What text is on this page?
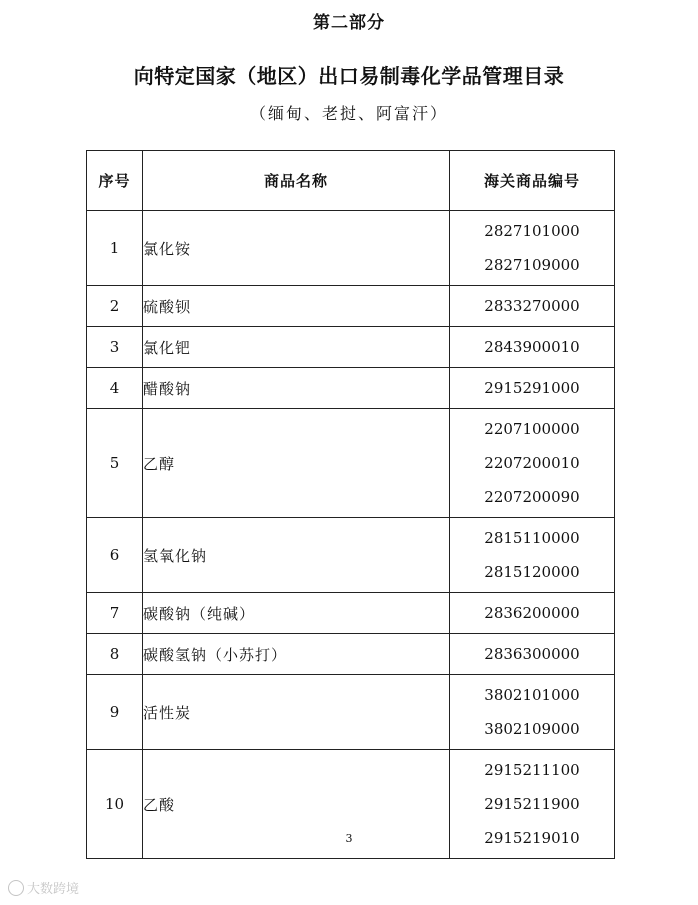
第二部分
向特定国家（地区）出口易制毒化学品管理目录
（缅甸、老挝、阿富汗）
序号	商品名称	海关商品编号
1	氯化铵	2827101000
2827109000

2	硫酸钡	2833270000

3	氯化钯	2843900010

4	醋酸钠	2915291000

5	乙醇	2207100000
2207200010
2207200090

6	氢氧化钠	2815110000
2815120000

7	碳酸钠（纯碱）	2836200000

8	碳酸氢钠（小苏打）	2836300000

9	活性炭	3802101000
3802109000

10	乙酸	2915211100
2915211900
2915219010
3
大数跨境
